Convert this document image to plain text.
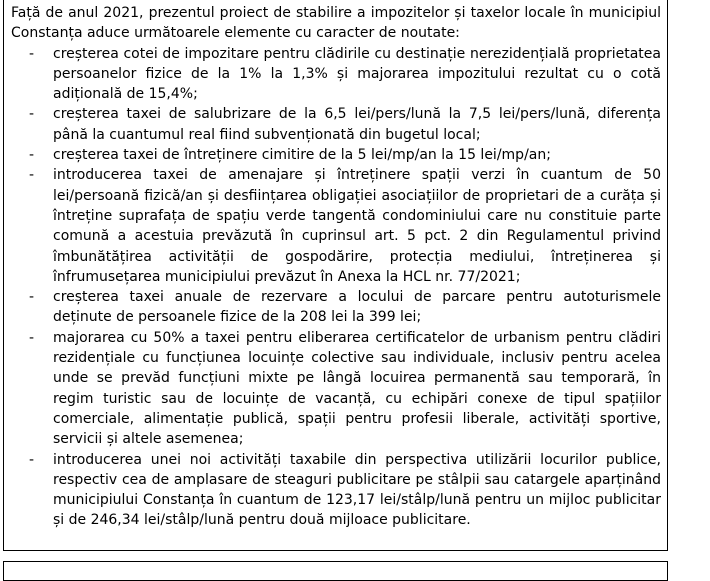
Față de anul 2021, prezentul proiect de stabilire a impozitelor și taxelor locale în municipiul Constanța aduce următoarele elemente cu caracter de noutate:

- creșterea cotei de impozitare pentru clădirile cu destinație nerezidențială proprietatea persoanelor fizice de la 1% la 1,3% și majorarea impozitului rezultat cu o cotă adițională de 15,4%;
- creșterea taxei de salubrizare de la 6,5 lei/pers/lună la 7,5 lei/pers/lună, diferența până la cuantumul real fiind subvenționată din bugetul local;
- creșterea taxei de întreținere cimitire de la 5 lei/mp/an la 15 lei/mp/an;
- introducerea taxei de amenajare și întreținere spații verzi în cuantum de 50 lei/persoană fizică/an și desființarea obligației asociațiilor de proprietari de a curăța și întreține suprafața de spațiu verde tangentă condominiului care nu constituie parte comună a acestuia prevăzută în cuprinsul art. 5 pct. 2 din Regulamentul privind îmbunătățirea activității de gospodărire, protecția mediului, întreținerea și înfrumusețarea municipiului prevăzut în Anexa la HCL nr. 77/2021;
- creșterea taxei anuale de rezervare a locului de parcare pentru autoturismele deținute de persoanele fizice de la 208 lei la 399 lei;
- majorarea cu 50% a taxei pentru eliberarea certificatelor de urbanism pentru clădiri rezidențiale cu funcțiunea locuințe colective sau individuale, inclusiv pentru acelea unde se prevăd funcțiuni mixte pe lângă locuirea permanentă sau temporară, în regim turistic sau de locuințe de vacanță, cu echipări conexe de tipul spațiilor comerciale, alimentație publică, spații pentru profesii liberale, activități sportive, servicii și altele asemenea;
- introducerea unei noi activități taxabile din perspectiva utilizării locurilor publice, respectiv cea de amplasare de steaguri publicitare pe stâlpii sau catargele aparținând municipiului Constanța în cuantum de 123,17 lei/stâlp/lună pentru un mijloc publicitar și de 246,34 lei/stâlp/lună pentru două mijloace publicitare.
